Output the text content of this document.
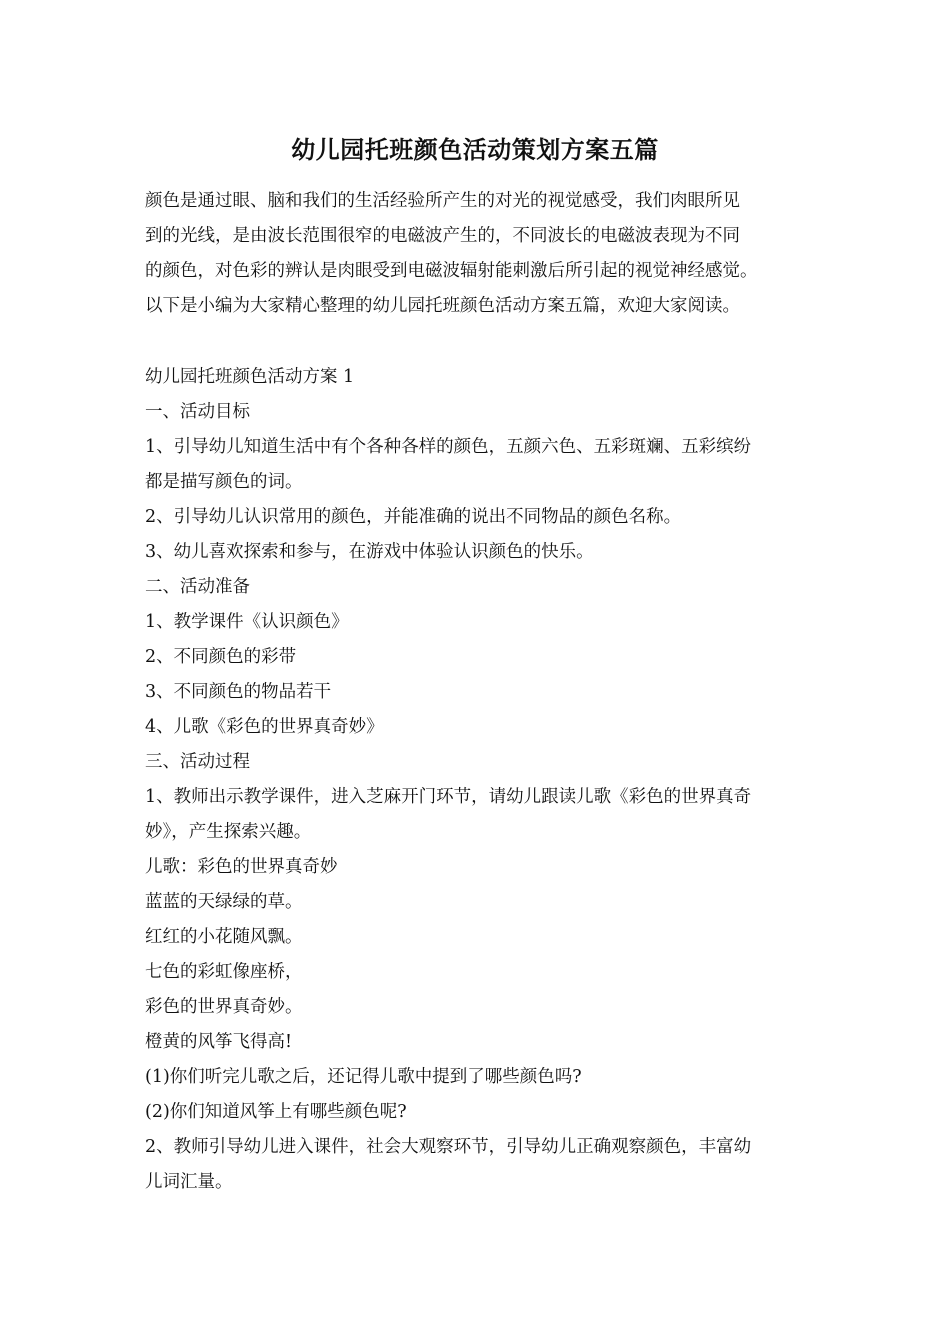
幼儿园托班颜色活动策划方案五篇

颜色是通过眼、脑和我们的生活经验所产生的对光的视觉感受，我们肉眼所见

到的光线，是由波长范围很窄的电磁波产生的，不同波长的电磁波表现为不同

的颜色，对色彩的辨认是肉眼受到电磁波辐射能刺激后所引起的视觉神经感觉。

以下是小编为大家精心整理的幼儿园托班颜色活动方案五篇，欢迎大家阅读。

幼儿园托班颜色活动方案 1

一、活动目标

1、引导幼儿知道生活中有个各种各样的颜色，五颜六色、五彩斑斓、五彩缤纷

都是描写颜色的词。

2、引导幼儿认识常用的颜色，并能准确的说出不同物品的颜色名称。

3、幼儿喜欢探索和参与，在游戏中体验认识颜色的快乐。

二、活动准备

1、教学课件《认识颜色》

2、不同颜色的彩带

3、不同颜色的物品若干

4、儿歌《彩色的世界真奇妙》

三、活动过程

1、教师出示教学课件，进入芝麻开门环节，请幼儿跟读儿歌《彩色的世界真奇

妙》，产生探索兴趣。

儿歌：彩色的世界真奇妙

蓝蓝的天绿绿的草。

红红的小花随风飘。

七色的彩虹像座桥，

彩色的世界真奇妙。

橙黄的风筝飞得高!

(1)你们听完儿歌之后，还记得儿歌中提到了哪些颜色吗?

(2)你们知道风筝上有哪些颜色呢?

2、教师引导幼儿进入课件，社会大观察环节，引导幼儿正确观察颜色，丰富幼

儿词汇量。
